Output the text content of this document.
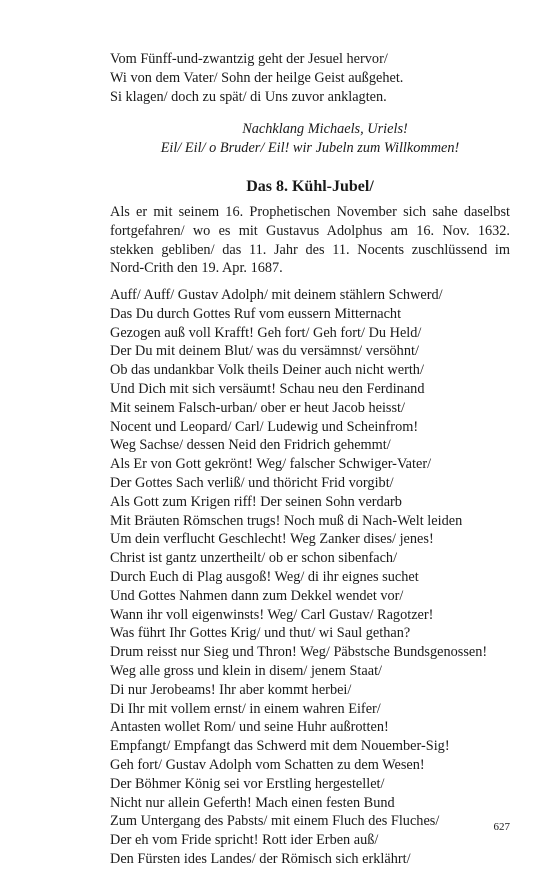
Vom Fünff-und-zwantzig geht der Jesuel hervor/
Wi von dem Vater/ Sohn der heilge Geist außgehet.
Si klagen/ doch zu spät/ di Uns zuvor anklagten.
Nachklang Michaels, Uriels!
Eil/ Eil/ o Bruder/ Eil! wir Jubeln zum Willkommen!
Das 8. Kühl-Jubel/
Als er mit seinem 16. Prophetischen November sich sahe daselbst
fortgefahren/ wo es mit Gustavus Adolphus am 16. Nov. 1632.
stekken gebliben/ das 11. Jahr des 11. Nocents zuschlüssend im
Nord-Crith den 19. Apr. 1687.
Auff/ Auff/ Gustav Adolph/ mit deinem stählern Schwerd/
Das Du durch Gottes Ruf vom eussern Mitternacht
Gezogen auß voll Krafft! Geh fort/ Geh fort/ Du Held/
Der Du mit deinem Blut/ was du versämnst/ versöhnt/
Ob das undankbar Volk theils Deiner auch nicht werth/
Und Dich mit sich versäumt! Schau neu den Ferdinand
Mit seinem Falsch-urban/ ober er heut Jacob heisst/
Nocent und Leopard/ Carl/ Ludewig und Scheinfrom!
Weg Sachse/ dessen Neid den Fridrich gehemmt/
Als Er von Gott gekrönt! Weg/ falscher Schwiger-Vater/
Der Gottes Sach verliß/ und thöricht Frid vorgibt/
Als Gott zum Krigen riff! Der seinen Sohn verdarb
Mit Bräuten Römschen trugs! Noch muß di Nach-Welt leiden
Um dein verflucht Geschlecht! Weg Zanker dises/ jenes!
Christ ist gantz unzertheilt/ ob er schon sibenfach/
Durch Euch di Plag ausgoß! Weg/ di ihr eignes suchet
Und Gottes Nahmen dann zum Dekkel wendet vor/
Wann ihr voll eigenwinsts! Weg/ Carl Gustav/ Ragotzer!
Was führt Ihr Gottes Krig/ und thut/ wi Saul gethan?
Drum reisst nur Sieg und Thron! Weg/ Päbstsche Bundsgenossen!
Weg alle gross und klein in disem/ jenem Staat/
Di nur Jerobeams! Ihr aber kommt herbei/
Di Ihr mit vollem ernst/ in einem wahren Eifer/
Antasten wollet Rom/ und seine Huhr außrotten!
Empfangt/ Empfangt das Schwerd mit dem Nouember-Sig!
Geh fort/ Gustav Adolph vom Schatten zu dem Wesen!
Der Böhmer König sei vor Erstling hergestellet/
Nicht nur allein Geferth! Mach einen festen Bund
Zum Untergang des Pabsts/ mit einem Fluch des Fluches/
Der eh vom Fride spricht! Rott ider Erben auß/
Den Fürsten ides Landes/ der Römisch sich erklährt/
627
